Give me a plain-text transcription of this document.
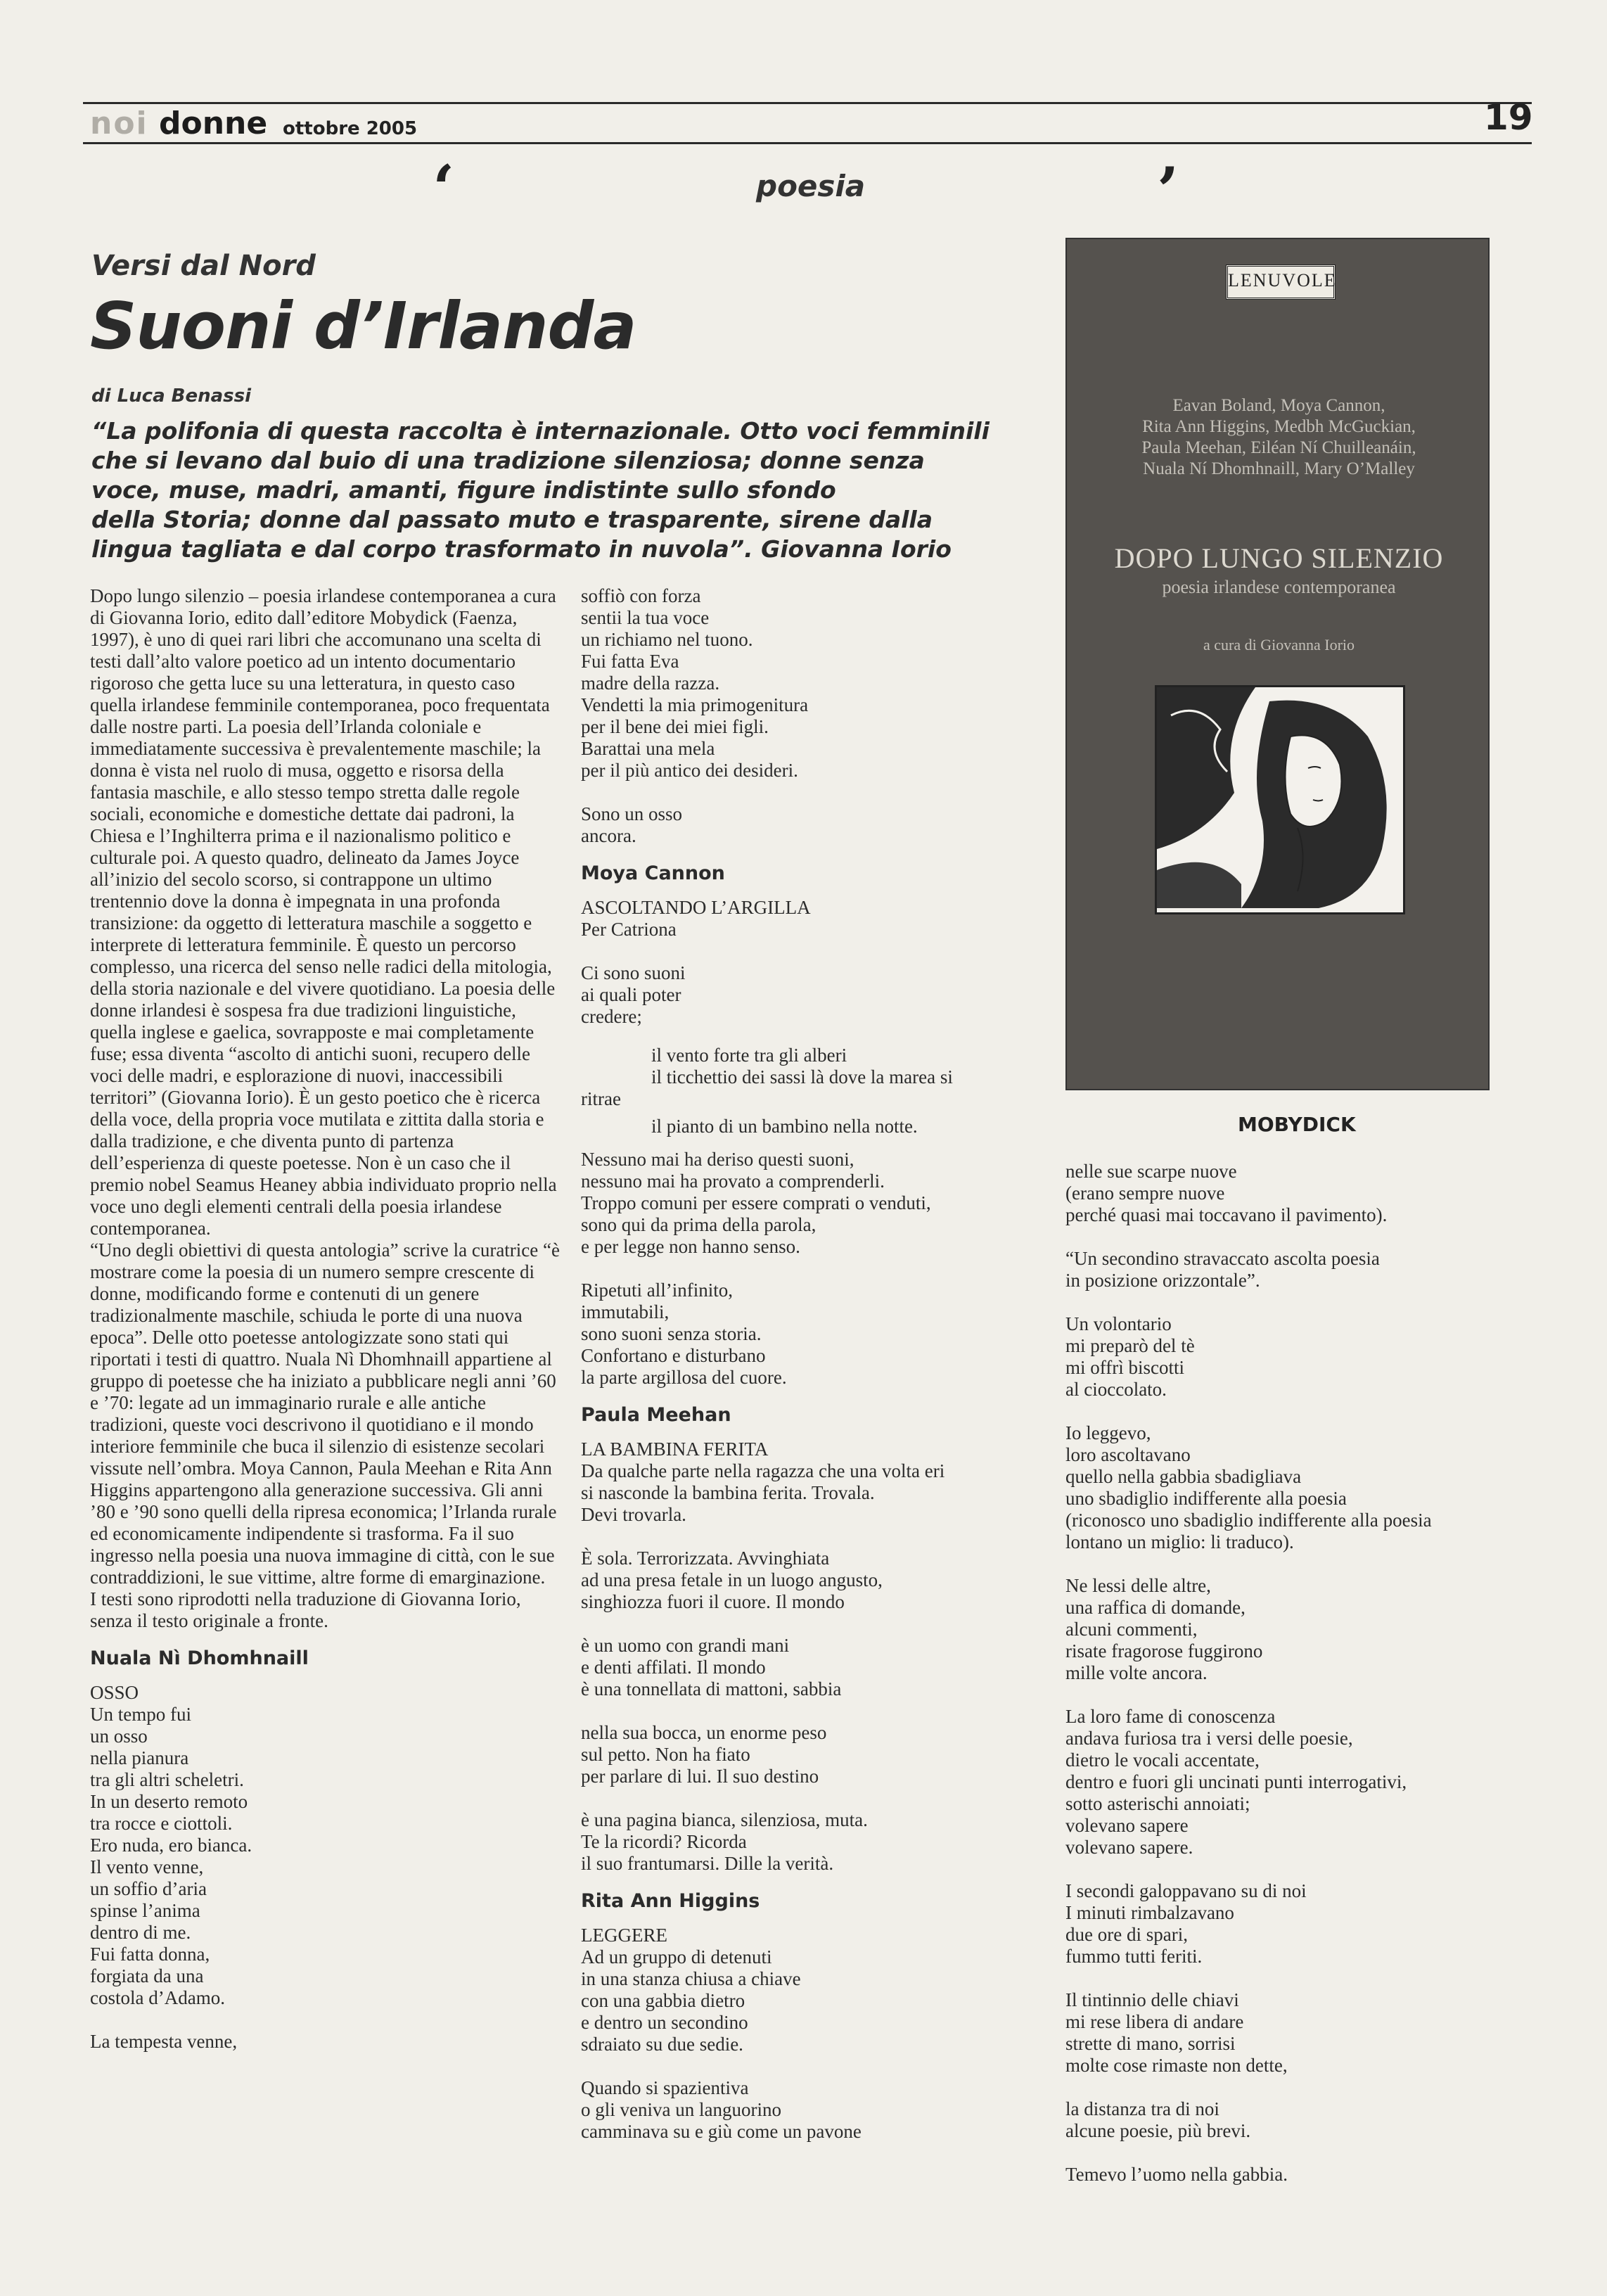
noi donne ottobre 2005	19
‘	poesia	’
Versi dal Nord
Suoni d’Irlanda
di Luca Benassi
“La polifonia di questa raccolta è internazionale. Otto voci femminili
che si levano dal buio di una tradizione silenziosa; donne senza
voce, muse, madri, amanti, figure indistinte sullo sfondo
della Storia; donne dal passato muto e trasparente, sirene dalla
lingua tagliata e dal corpo trasformato in nuvola”. Giovanna Iorio
Dopo lungo silenzio – poesia irlandese contemporanea a cura di Giovanna Iorio, edito dall’editore Mobydick (Faenza, 1997), è uno di quei rari libri che accomunano una scelta di testi dall’alto valore poetico ad un intento documentario rigoroso che getta luce su una letteratura, in questo caso quella irlandese femminile contemporanea, poco frequentata dalle nostre parti. La poesia dell’Irlanda coloniale e immediatamente successiva è prevalentemente maschile; la donna è vista nel ruolo di musa, oggetto e risorsa della fantasia maschile, e allo stesso tempo stretta dalle regole sociali, economiche e domestiche dettate dai padroni, la Chiesa e l’Inghilterra prima e il nazionalismo politico e culturale poi. A questo quadro, delineato da James Joyce all’inizio del secolo scorso, si contrappone un ultimo trentennio dove la donna è impegnata in una profonda transizione: da oggetto di letteratura maschile a soggetto e interprete di letteratura femminile. È questo un percorso complesso, una ricerca del senso nelle radici della mitologia, della storia nazionale e del vivere quotidiano. La poesia delle donne irlandesi è sospesa fra due tradizioni linguistiche, quella inglese e gaelica, sovrapposte e mai completamente fuse; essa diventa “ascolto di antichi suoni, recupero delle voci delle madri, e esplorazione di nuovi, inaccessibili territori” (Giovanna Iorio). È un gesto poetico che è ricerca della voce, della propria voce mutilata e zittita dalla storia e dalla tradizione, e che diventa punto di partenza dell’esperienza di queste poetesse. Non è un caso che il premio nobel Seamus Heaney abbia individuato proprio nella voce uno degli elementi centrali della poesia irlandese contemporanea.
“Uno degli obiettivi di questa antologia” scrive la curatrice “è mostrare come la poesia di un numero sempre crescente di donne, modificando forme e contenuti di un genere tradizionalmente maschile, schiuda le porte di una nuova epoca”. Delle otto poetesse antologizzate sono stati qui riportati i testi di quattro. Nuala Nì Dhomhnaill appartiene al gruppo di poetesse che ha iniziato a pubblicare negli anni ’60 e ’70: legate ad un immaginario rurale e alle antiche tradizioni, queste voci descrivono il quotidiano e il mondo interiore femminile che buca il silenzio di esistenze secolari vissute nell’ombra. Moya Cannon, Paula Meehan e Rita Ann Higgins appartengono alla generazione successiva. Gli anni ’80 e ’90 sono quelli della ripresa economica; l’Irlanda rurale ed economicamente indipendente si trasforma. Fa il suo ingresso nella poesia una nuova immagine di città, con le sue contraddizioni, le sue vittime, altre forme di emarginazione.
I testi sono riprodotti nella traduzione di Giovanna Iorio, senza il testo originale a fronte.
Nuala Nì Dhomhnaill
OSSO
Un tempo fui
un osso
nella pianura
tra gli altri scheletri.
In un deserto remoto
tra rocce e ciottoli.
Ero nuda, ero bianca.
Il vento venne,
un soffio d’aria
spinse l’anima
dentro di me.
Fui fatta donna,
forgiata da una
costola d’Adamo.

La tempesta venne,
soffiò con forza
sentii la tua voce
un richiamo nel tuono.
Fui fatta Eva
madre della razza.
Vendetti la mia primogenitura
per il bene dei miei figli.
Barattai una mela
per il più antico dei desideri.

Sono un osso
ancora.
Moya Cannon
ASCOLTANDO L’ARGILLA
Per Catriona

Ci sono suoni
ai quali poter
credere;
il vento forte tra gli alberi
il ticchettio dei sassi là dove la marea si
ritrae
il pianto di un bambino nella notte.
Nessuno mai ha deriso questi suoni,
nessuno mai ha provato a comprenderli.
Troppo comuni per essere comprati o venduti,
sono qui da prima della parola,
e per legge non hanno senso.

Ripetuti all’infinito,
immutabili,
sono suoni senza storia.
Confortano e disturbano
la parte argillosa del cuore.
Paula Meehan
LA BAMBINA FERITA
Da qualche parte nella ragazza che una volta eri
si nasconde la bambina ferita. Trovala.
Devi trovarla.

È sola. Terrorizzata. Avvinghiata
ad una presa fetale in un luogo angusto,
singhiozza fuori il cuore. Il mondo

è un uomo con grandi mani
e denti affilati. Il mondo
è una tonnellata di mattoni, sabbia

nella sua bocca, un enorme peso
sul petto. Non ha fiato
per parlare di lui. Il suo destino

è una pagina bianca, silenziosa, muta.
Te la ricordi? Ricorda
il suo frantumarsi. Dille la verità.
Rita Ann Higgins
LEGGERE
Ad un gruppo di detenuti
in una stanza chiusa a chiave
con una gabbia dietro
e dentro un secondino
sdraiato su due sedie.

Quando si spazientiva
o gli veniva un languorino
camminava su e giù come un pavone
LENUVOLE
Eavan Boland, Moya Cannon,
Rita Ann Higgins, Medbh McGuckian,
Paula Meehan, Eiléan Ní Chuilleanáin,
Nuala Ní Dhomhnaill, Mary O’Malley
DOPO LUNGO SILENZIO
poesia irlandese contemporanea
a cura di Giovanna Iorio
MOBYDICK
nelle sue scarpe nuove
(erano sempre nuove
perché quasi mai toccavano il pavimento).

“Un secondino stravaccato ascolta poesia
in posizione orizzontale”.

Un volontario
mi preparò del tè
mi offrì biscotti
al cioccolato.

Io leggevo,
loro ascoltavano
quello nella gabbia sbadigliava
uno sbadiglio indifferente alla poesia
(riconosco uno sbadiglio indifferente alla poesia
lontano un miglio: li traduco).

Ne lessi delle altre,
una raffica di domande,
alcuni commenti,
risate fragorose fuggirono
mille volte ancora.

La loro fame di conoscenza
andava furiosa tra i versi delle poesie,
dietro le vocali accentate,
dentro e fuori gli uncinati punti interrogativi,
sotto asterischi annoiati;
volevano sapere
volevano sapere.

I secondi galoppavano su di noi
I minuti rimbalzavano
due ore di spari,
fummo tutti feriti.

Il tintinnio delle chiavi
mi rese libera di andare
strette di mano, sorrisi
molte cose rimaste non dette,

la distanza tra di noi
alcune poesie, più brevi.

Temevo l’uomo nella gabbia.
